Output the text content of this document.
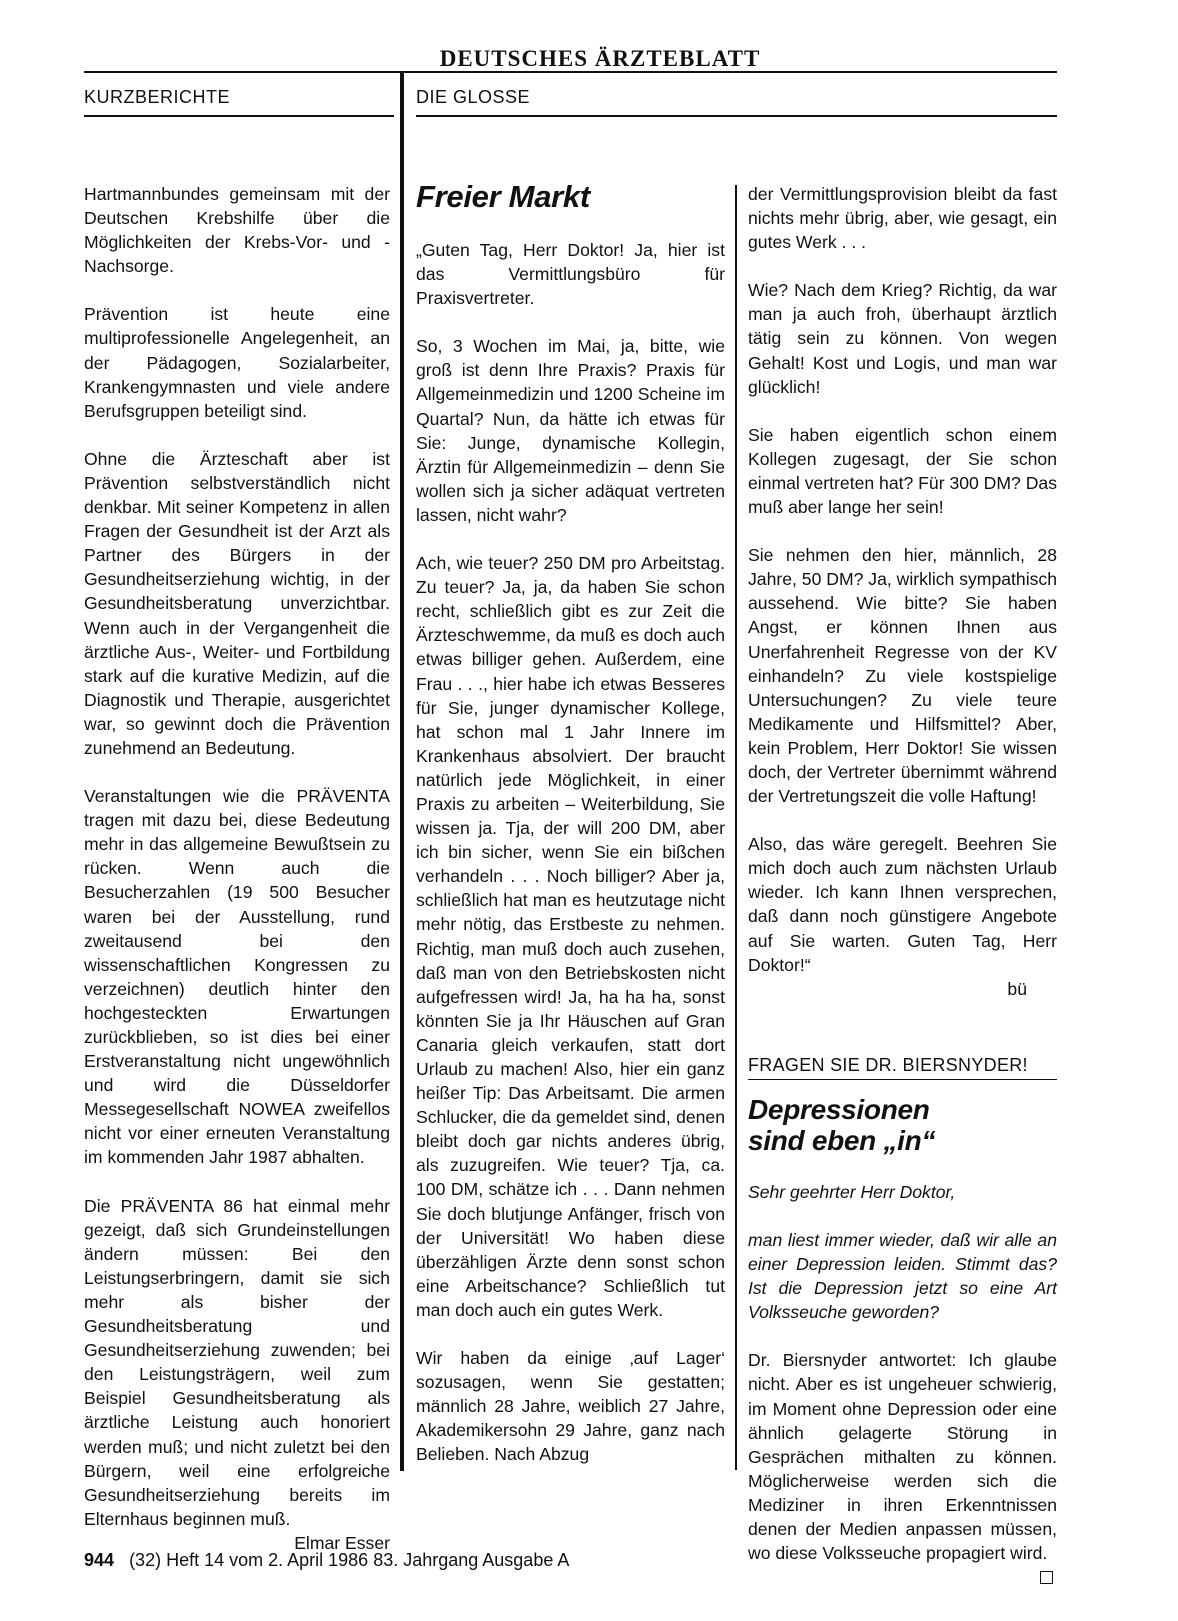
DEUTSCHES ÄRZTEBLATT
KURZBERICHTE	DIE GLOSSE

Hartmannbundes gemeinsam mit der Deutschen Krebshilfe über die Möglichkeiten der Krebs-Vor- und -Nachsorge.

Prävention ist heute eine multiprofessionelle Angelegenheit, an der Pädagogen, Sozialarbeiter, Krankengymnasten und viele andere Berufsgruppen beteiligt sind.

Ohne die Ärzteschaft aber ist Prävention selbstverständlich nicht denkbar. Mit seiner Kompetenz in allen Fragen der Gesundheit ist der Arzt als Partner des Bürgers in der Gesundheitserziehung wichtig, in der Gesundheitsberatung unverzichtbar. Wenn auch in der Vergangenheit die ärztliche Aus-, Weiter- und Fortbildung stark auf die kurative Medizin, auf die Diagnostik und Therapie, ausgerichtet war, so gewinnt doch die Prävention zunehmend an Bedeutung.

Veranstaltungen wie die PRÄVENTA tragen mit dazu bei, diese Bedeutung mehr in das allgemeine Bewußtsein zu rücken. Wenn auch die Besucherzahlen (19 500 Besucher waren bei der Ausstellung, rund zweitausend bei den wissenschaftlichen Kongressen zu verzeichnen) deutlich hinter den hochgesteckten Erwartungen zurückblieben, so ist dies bei einer Erstveranstaltung nicht ungewöhnlich und wird die Düsseldorfer Messegesellschaft NOWEA zweifellos nicht vor einer erneuten Veranstaltung im kommenden Jahr 1987 abhalten.

Die PRÄVENTA 86 hat einmal mehr gezeigt, daß sich Grundeinstellungen ändern müssen: Bei den Leistungserbringern, damit sie sich mehr als bisher der Gesundheitsberatung und Gesundheitserziehung zuwenden; bei den Leistungsträgern, weil zum Beispiel Gesundheitsberatung als ärztliche Leistung auch honoriert werden muß; und nicht zuletzt bei den Bürgern, weil eine erfolgreiche Gesundheitserziehung bereits im Elternhaus beginnen muß.

Elmar Esser
Freier Markt

„Guten Tag, Herr Doktor! Ja, hier ist das Vermittlungsbüro für Praxisvertreter.

So, 3 Wochen im Mai, ja, bitte, wie groß ist denn Ihre Praxis? Praxis für Allgemeinmedizin und 1200 Scheine im Quartal? Nun, da hätte ich etwas für Sie: Junge, dynamische Kollegin, Ärztin für Allgemeinmedizin – denn Sie wollen sich ja sicher adäquat vertreten lassen, nicht wahr?

Ach, wie teuer? 250 DM pro Arbeitstag. Zu teuer? Ja, ja, da haben Sie schon recht, schließlich gibt es zur Zeit die Ärzteschwemme, da muß es doch auch etwas billiger gehen. Außerdem, eine Frau . . ., hier habe ich etwas Besseres für Sie, junger dynamischer Kollege, hat schon mal 1 Jahr Innere im Krankenhaus absolviert. Der braucht natürlich jede Möglichkeit, in einer Praxis zu arbeiten – Weiterbildung, Sie wissen ja. Tja, der will 200 DM, aber ich bin sicher, wenn Sie ein bißchen verhandeln . . . Noch billiger? Aber ja, schließlich hat man es heutzutage nicht mehr nötig, das Erstbeste zu nehmen. Richtig, man muß doch auch zusehen, daß man von den Betriebskosten nicht aufgefressen wird! Ja, ha ha ha, sonst könnten Sie ja Ihr Häuschen auf Gran Canaria gleich verkaufen, statt dort Urlaub zu machen! Also, hier ein ganz heißer Tip: Das Arbeitsamt. Die armen Schlucker, die da gemeldet sind, denen bleibt doch gar nichts anderes übrig, als zuzugreifen. Wie teuer? Tja, ca. 100 DM, schätze ich . . . Dann nehmen Sie doch blutjunge Anfänger, frisch von der Universität! Wo haben diese überzähligen Ärzte denn sonst schon eine Arbeitschance? Schließlich tut man doch auch ein gutes Werk.

Wir haben da einige ‚auf Lager‘ sozusagen, wenn Sie gestatten; männlich 28 Jahre, weiblich 27 Jahre, Akademikersohn 29 Jahre, ganz nach Belieben. Nach Abzug

der Vermittlungsprovision bleibt da fast nichts mehr übrig, aber, wie gesagt, ein gutes Werk . . .

Wie? Nach dem Krieg? Richtig, da war man ja auch froh, überhaupt ärztlich tätig sein zu können. Von wegen Gehalt! Kost und Logis, und man war glücklich!

Sie haben eigentlich schon einem Kollegen zugesagt, der Sie schon einmal vertreten hat? Für 300 DM? Das muß aber lange her sein!

Sie nehmen den hier, männlich, 28 Jahre, 50 DM? Ja, wirklich sympathisch aussehend. Wie bitte? Sie haben Angst, er können Ihnen aus Unerfahrenheit Regresse von der KV einhandeln? Zu viele kostspielige Untersuchungen? Zu viele teure Medikamente und Hilfsmittel? Aber, kein Problem, Herr Doktor! Sie wissen doch, der Vertreter übernimmt während der Vertretungszeit die volle Haftung!

Also, das wäre geregelt. Beehren Sie mich doch auch zum nächsten Urlaub wieder. Ich kann Ihnen versprechen, daß dann noch günstigere Angebote auf Sie warten. Guten Tag, Herr Doktor!“

bü
FRAGEN SIE DR. BIERSNYDER!
Depressionen
sind eben „in“

Sehr geehrter Herr Doktor,

man liest immer wieder, daß wir alle an einer Depression leiden. Stimmt das? Ist die Depression jetzt so eine Art Volksseuche geworden?

Dr. Biersnyder antwortet: Ich glaube nicht. Aber es ist ungeheuer schwierig, im Moment ohne Depression oder eine ähnlich gelagerte Störung in Gesprächen mithalten zu können. Möglicherweise werden sich die Mediziner in ihren Erkenntnissen denen der Medien anpassen müssen, wo diese Volksseuche propagiert wird.

944 (32) Heft 14 vom 2. April 1986 83. Jahrgang Ausgabe A
